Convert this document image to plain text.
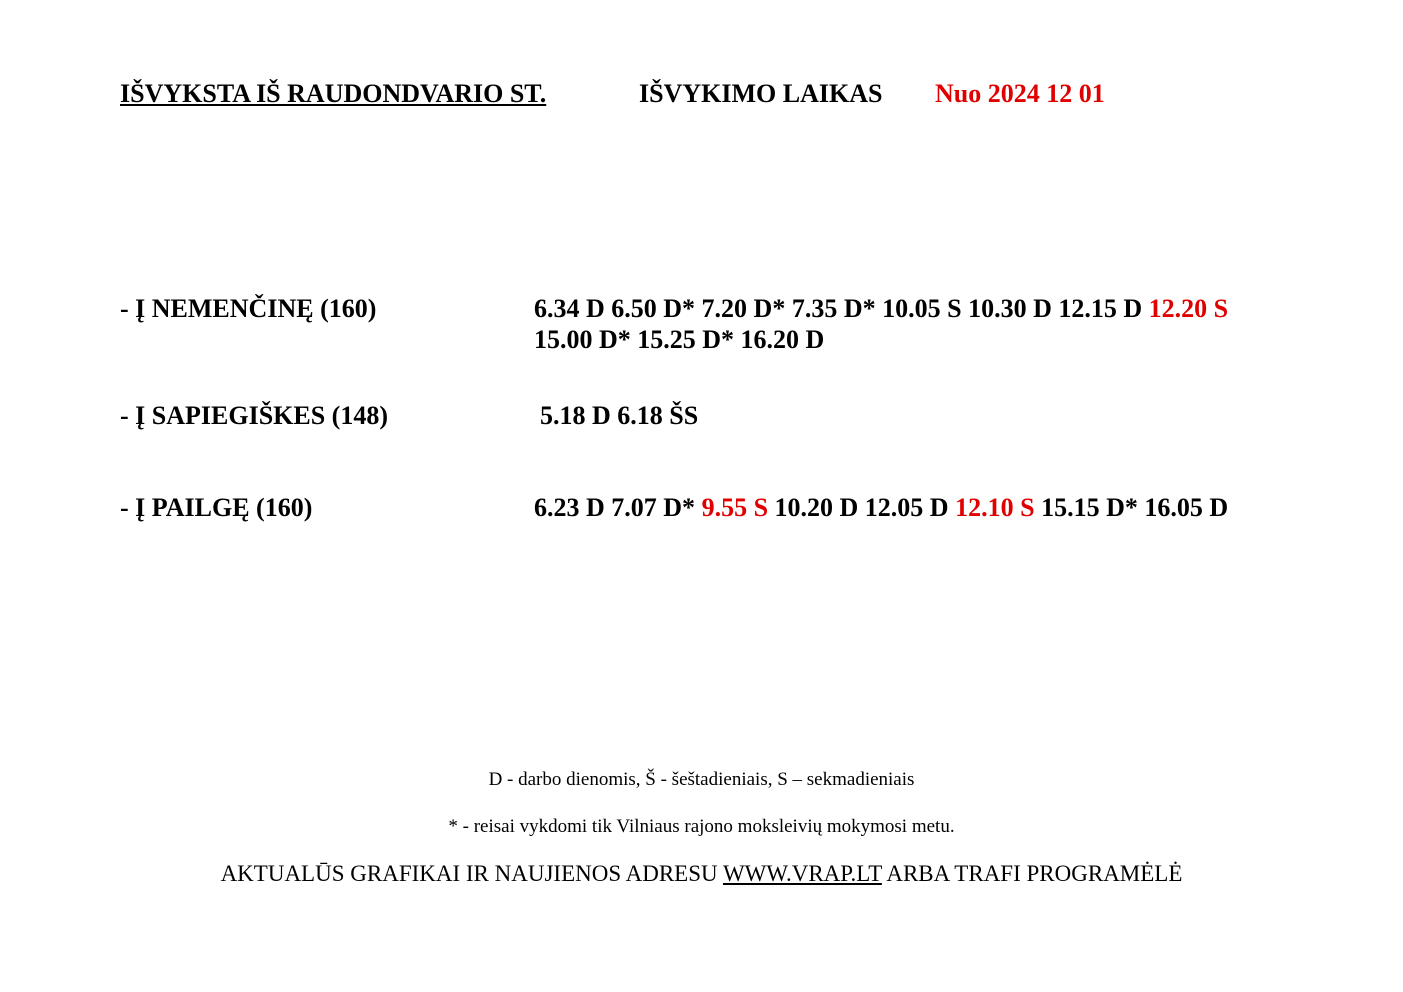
IŠVYKSTA IŠ RAUDONDVARIO ST.	IŠVYKIMO LAIKAS Nuo 2024 12 01
- Į NEMENČINĘ (160)	6.34 D 6.50 D* 7.20 D* 7.35 D* 10.05 S 10.30 D 12.15 D 12.20 S
15.00 D* 15.25 D* 16.20 D
- Į SAPIEGIŠKES (148)	5.18 D 6.18 ŠS
- Į PAILGĘ (160)	6.23 D 7.07 D* 9.55 S 10.20 D 12.05 D 12.10 S 15.15 D* 16.05 D
D - darbo dienomis, Š - šeštadieniais, S – sekmadieniais
* - reisai vykdomi tik Vilniaus rajono moksleivių mokymosi metu.
AKTUALŪS GRAFIKAI IR NAUJIENOS ADRESU WWW.VRAP.LT ARBA TRAFI PROGRAMĖLĖ
